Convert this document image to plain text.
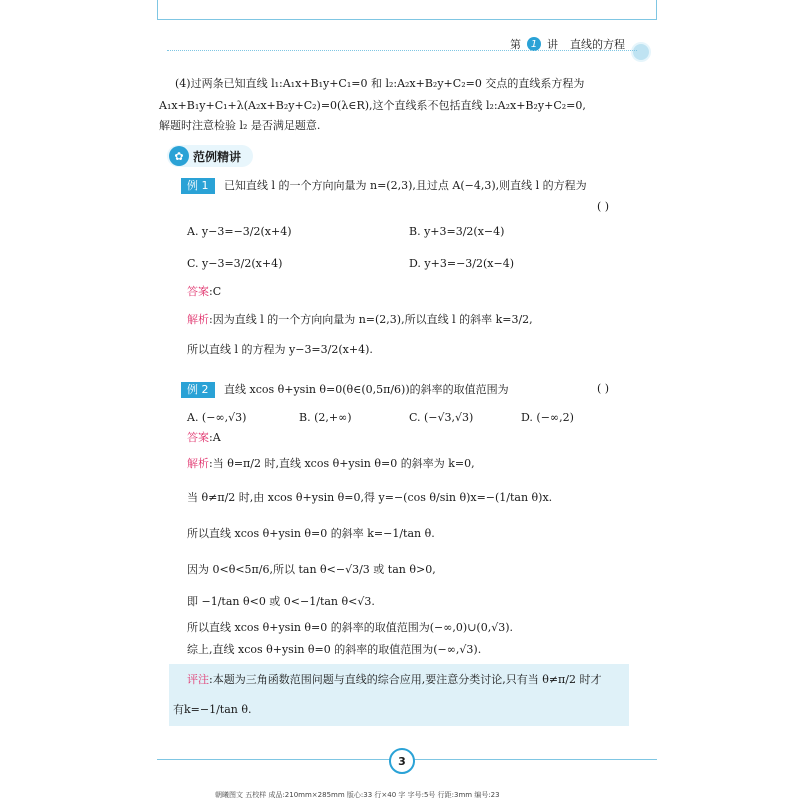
第 1 讲 直线的方程
(4)过两条已知直线 l₁:A₁x+B₁y+C₁=0 和 l₂:A₂x+B₂y+C₂=0 交点的直线系方程为
A₁x+B₁y+C₁+λ(A₂x+B₂y+C₂)=0(λ∈R),这个直线系不包括直线 l₂:A₂x+B₂y+C₂=0,
解题时注意检验 l₂ 是否满足题意.
✿ 范例精讲
例 1 已知直线 l 的一个方向向量为 n=(2,3),且过点 A(−4,3),则直线 l 的方程为
( )
A. y−3=−3/2(x+4)	B. y+3=3/2(x−4)
C. y−3=3/2(x+4)	D. y+3=−3/2(x−4)
答案:C
解析:因为直线 l 的一个方向向量为 n=(2,3),所以直线 l 的斜率 k=3/2,
所以直线 l 的方程为 y−3=3/2(x+4).
例 2 直线 xcos θ+ysin θ=0(θ∈(0,5π/6))的斜率的取值范围为	( )
A. (−∞,√3)	B. (2,+∞)	C. (−√3,√3)	D. (−∞,2)
答案:A
解析:当 θ=π/2 时,直线 xcos θ+ysin θ=0 的斜率为 k=0,
当 θ≠π/2 时,由 xcos θ+ysin θ=0,得 y=−(cos θ/sin θ)x=−(1/tan θ)x.
所以直线 xcos θ+ysin θ=0 的斜率 k=−1/tan θ.
因为 0<θ<5π/6,所以 tan θ<−√3/3 或 tan θ>0,
即 −1/tan θ<0 或 0<−1/tan θ<√3.
所以直线 xcos θ+ysin θ=0 的斜率的取值范围为(−∞,0)∪(0,√3).
综上,直线 xcos θ+ysin θ=0 的斜率的取值范围为(−∞,√3).
评注:本题为三角函数范围问题与直线的综合应用,要注意分类讨论,只有当 θ≠π/2 时才
有k=−1/tan θ.
3
朝曦图文 五校样 成品:210mm×285mm 版心:33 行×40 字 字号:5号 行距:3mm 编号:23
